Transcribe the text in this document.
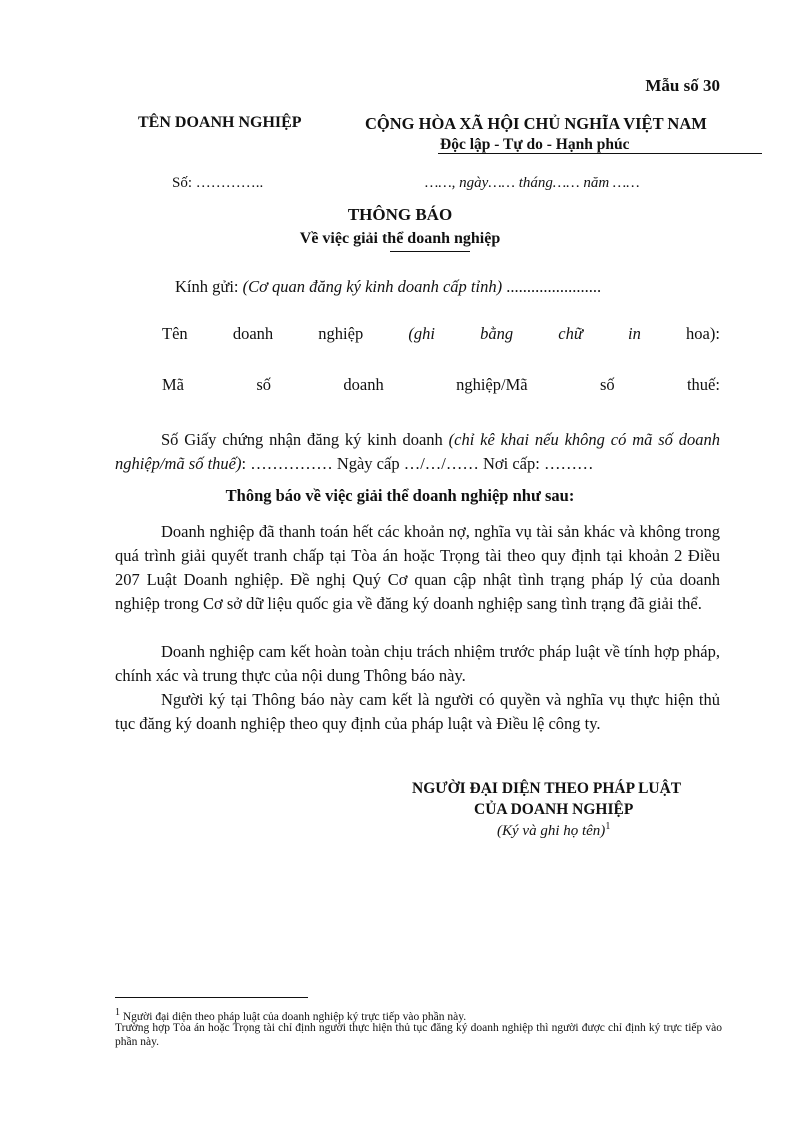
Mẫu số 30
TÊN DOANH NGHIỆP	CỘNG HÒA XÃ HỘI CHỦ NGHĨA VIỆT NAM
Độc lập - Tự do - Hạnh phúc
Số: …………..	……, ngày…… tháng…… năm ……
THÔNG BÁO
Về việc giải thể doanh nghiệp
Kính gửi: (Cơ quan đăng ký kinh doanh cấp tỉnh) .......................
Tên	doanh	nghiệp	(ghi	bằng	chữ	in	hoa):
Mã	số	doanh	nghiệp/Mã	số	thuế:
Số Giấy chứng nhận đăng ký kinh doanh (chỉ kê khai nếu không có mã số doanh nghiệp/mã số thuế): …………… Ngày cấp …/…/…… Nơi cấp: ………
Thông báo về việc giải thể doanh nghiệp như sau:
Doanh nghiệp đã thanh toán hết các khoản nợ, nghĩa vụ tài sản khác và không trong quá trình giải quyết tranh chấp tại Tòa án hoặc Trọng tài theo quy định tại khoản 2 Điều 207 Luật Doanh nghiệp. Đề nghị Quý Cơ quan cập nhật tình trạng pháp lý của doanh nghiệp trong Cơ sở dữ liệu quốc gia về đăng ký doanh nghiệp sang tình trạng đã giải thể.
Doanh nghiệp cam kết hoàn toàn chịu trách nhiệm trước pháp luật về tính hợp pháp, chính xác và trung thực của nội dung Thông báo này.
Người ký tại Thông báo này cam kết là người có quyền và nghĩa vụ thực hiện thủ tục đăng ký doanh nghiệp theo quy định của pháp luật và Điều lệ công ty.
NGƯỜI ĐẠI DIỆN THEO PHÁP LUẬT
CỦA DOANH NGHIỆP
(Ký và ghi họ tên)$^1$
$^1$ Người đại diện theo pháp luật của doanh nghiệp ký trực tiếp vào phần này.
Trường hợp Tòa án hoặc Trọng tài chỉ định người thực hiện thủ tục đăng ký doanh nghiệp thì người được chỉ định ký trực tiếp vào phần này.
